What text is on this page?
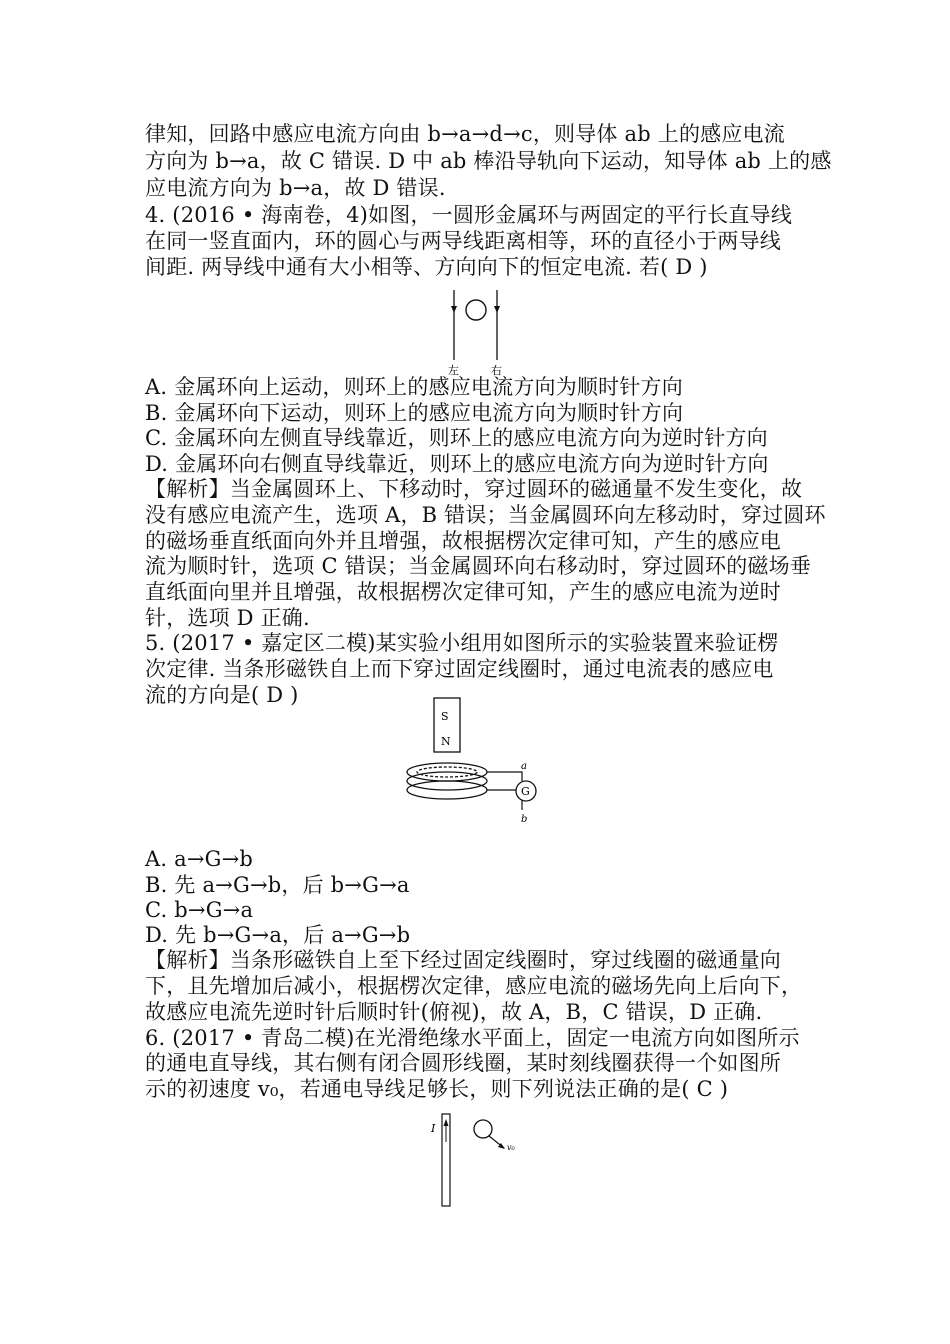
律知，回路中感应电流方向由 b→a→d→c，则导体 ab 上的感应电流
方向为 b→a，故 C 错误. D 中 ab 棒沿导轨向下运动，知导体 ab 上的感
应电流方向为 b→a，故 D 错误.
4. (2016 • 海南卷，4)如图，一圆形金属环与两固定的平行长直导线
在同一竖直面内，环的圆心与两导线距离相等，环的直径小于两导线
间距. 两导线中通有大小相等、方向向下的恒定电流. 若( D )
左	右
A. 金属环向上运动，则环上的感应电流方向为顺时针方向
B. 金属环向下运动，则环上的感应电流方向为顺时针方向
C. 金属环向左侧直导线靠近，则环上的感应电流方向为逆时针方向
D. 金属环向右侧直导线靠近，则环上的感应电流方向为逆时针方向
【解析】当金属圆环上、下移动时，穿过圆环的磁通量不发生变化，故
没有感应电流产生，选项 A，B 错误；当金属圆环向左移动时，穿过圆环
的磁场垂直纸面向外并且增强，故根据楞次定律可知，产生的感应电
流为顺时针，选项 C 错误；当金属圆环向右移动时，穿过圆环的磁场垂
直纸面向里并且增强，故根据楞次定律可知，产生的感应电流为逆时
针，选项 D 正确.
5. (2017 • 嘉定区二模)某实验小组用如图所示的实验装置来验证楞
次定律. 当条形磁铁自上而下穿过固定线圈时，通过电流表的感应电
流的方向是( D )
S
N
G
a
b
A. a→G→b
B. 先 a→G→b，后 b→G→a
C. b→G→a
D. 先 b→G→a，后 a→G→b
【解析】当条形磁铁自上至下经过固定线圈时，穿过线圈的磁通量向
下，且先增加后减小，根据楞次定律，感应电流的磁场先向上后向下，
故感应电流先逆时针后顺时针(俯视)，故 A，B，C 错误，D 正确.
6. (2017 • 青岛二模)在光滑绝缘水平面上，固定一电流方向如图所示
的通电直导线，其右侧有闭合圆形线圈，某时刻线圈获得一个如图所
示的初速度 v₀，若通电导线足够长，则下列说法正确的是( C )
I
v₀
